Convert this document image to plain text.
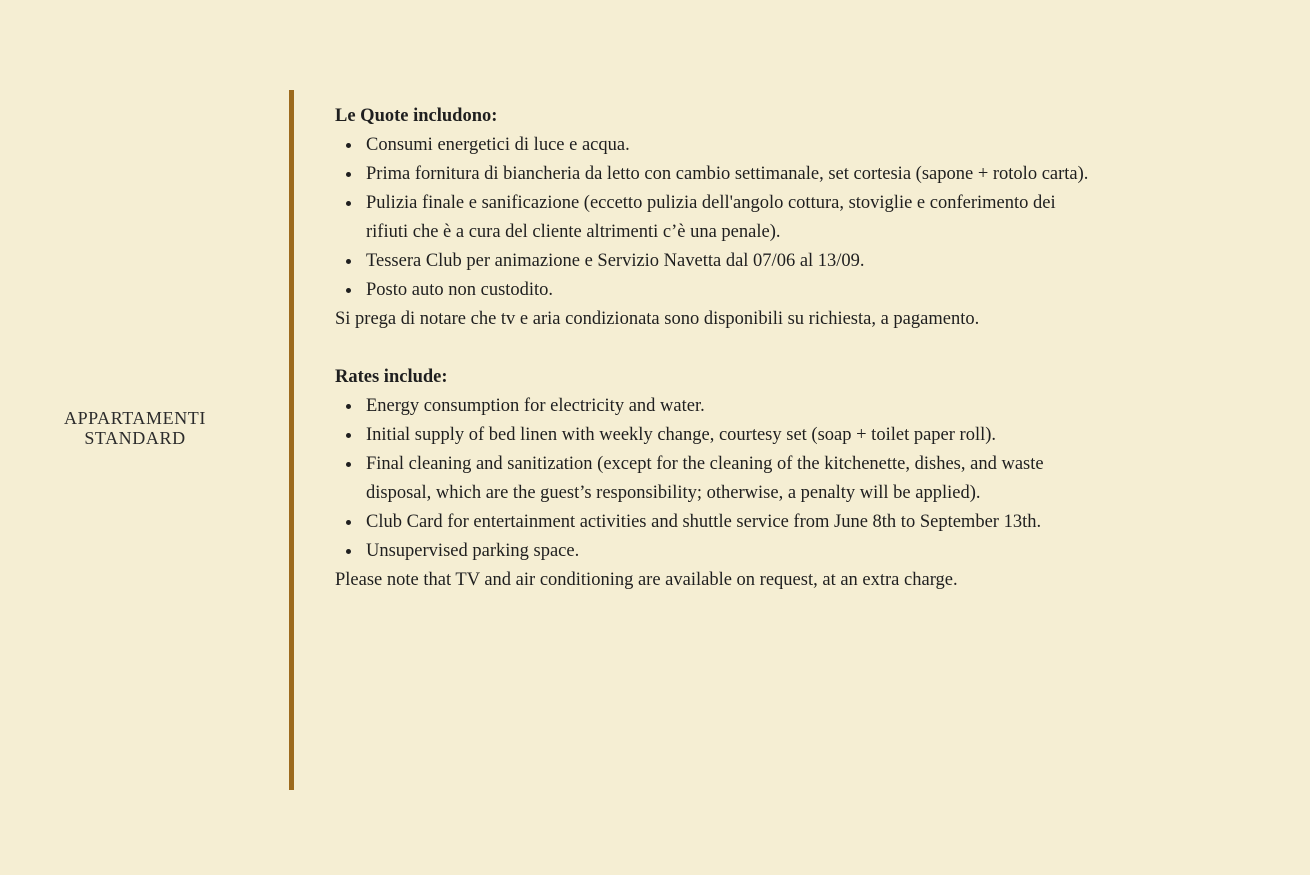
APPARTAMENTI
STANDARD
Le Quote includono:
Consumi energetici di luce e acqua.
Prima fornitura di biancheria da letto con cambio settimanale, set cortesia (sapone + rotolo carta).
Pulizia finale e sanificazione (eccetto pulizia dell'angolo cottura, stoviglie e conferimento dei rifiuti che è a cura del cliente altrimenti c’è una penale).
Tessera Club per animazione e Servizio Navetta dal 07/06 al 13/09.
Posto auto non custodito.

Si prega di notare che tv e aria condizionata sono disponibili su richiesta, a pagamento.

Rates include:
Energy consumption for electricity and water.
Initial supply of bed linen with weekly change, courtesy set (soap + toilet paper roll).
Final cleaning and sanitization (except for the cleaning of the kitchenette, dishes, and waste disposal, which are the guest’s responsibility; otherwise, a penalty will be applied).
Club Card for entertainment activities and shuttle service from June 8th to September 13th.
Unsupervised parking space.

Please note that TV and air conditioning are available on request, at an extra charge.
